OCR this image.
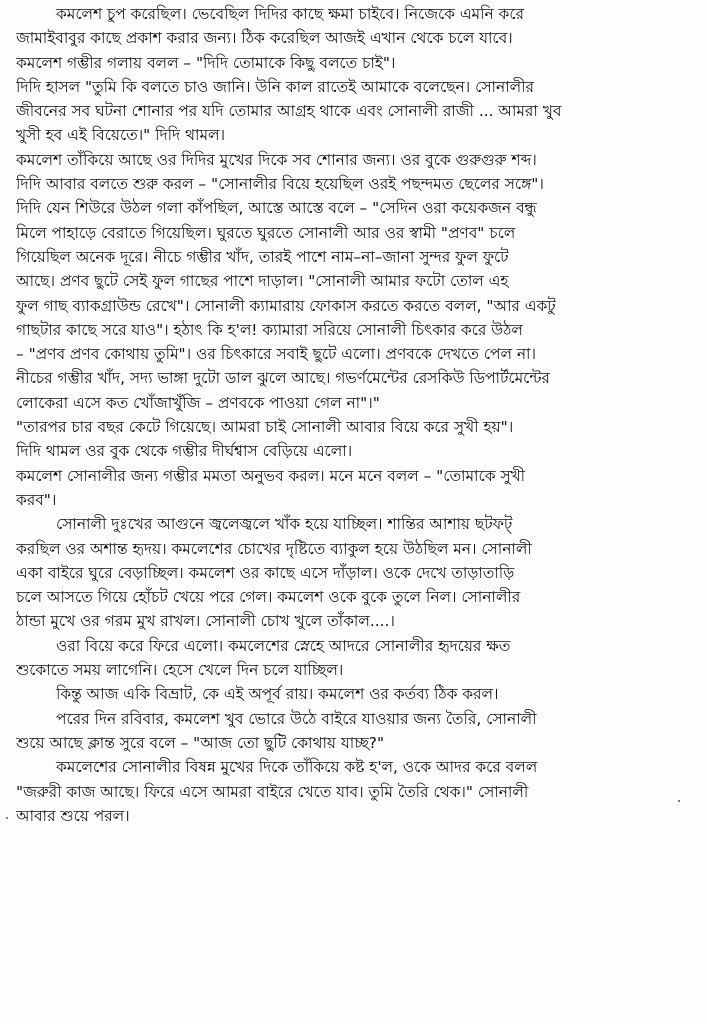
কমলেশ চুপ করেছিল। ভেবেছিল দিদির কাছে ক্ষমা চাইবে। নিজেকে এমনি করে
জামাইবাবুর কাছে প্রকাশ করার জন্য। ঠিক করেছিল আজই এখান থেকে চলে যাবে।
কমলেশ গম্ভীর গলায় বলল – "দিদি তোমাকে কিছু বলতে চাই"।
দিদি হাসল "তুমি কি বলতে চাও জানি। উনি কাল রাতেই আমাকে বলেছেন। সোনালীর
জীবনের সব ঘটনা শোনার পর যদি তোমার আগ্রহ থাকে এবং সোনালী রাজী ... আমরা খুব
খুসী হব এই বিয়েতে।" দিদি থামল।
কমলেশ তাঁকিয়ে আছে ওর দিদির মুখের দিকে সব শোনার জন্য। ওর বুকে গুরুগুরু শব্দ।
দিদি আবার বলতে শুরু করল – "সোনালীর বিয়ে হয়েছিল ওরই পছন্দমত ছেলের সঙ্গে"।
দিদি যেন শিউরে উঠল গলা কাঁপছিল, আস্তে আস্তে বলে – "সেদিন ওরা কয়েকজন বন্ধু
মিলে পাহাড়ে বেরাতে গিয়েছিল। ঘুরতে ঘুরতে সোনালী আর ওর স্বামী "প্রণব" চলে
গিয়েছিল অনেক দূরে। নীচে গম্ভীর খাঁদ, তারই পাশে নাম–না–জানা সুন্দর ফুল ফুটে
আছে। প্রণব ছুটে সেই ফুল গাছের পাশে দাড়াল। "সোনালী আমার ফটো তোল এহ
ফুল গাছ ব্যাকগ্রাউন্ড রেখে"। সোনালী ক্যামারায় ফোকাস করতে করতে বলল, "আর একটু
গাছটার কাছে সরে যাও"। হঠাৎ কি হ'ল! ক্যামারা সরিয়ে সোনালী চিৎকার করে উঠল
– "প্রণব প্রণব কোথায় তুমি"। ওর চিৎকারে সবাই ছুটে এলো। প্রণবকে দেখতে পেল না।
নীচের গম্ভীর খাঁদ, সদ্য ভাঙ্গা দুটো ডাল ঝুলে আছে। গভর্ণমেন্টের রেসকিউ ডিপার্টমেন্টের
লোকেরা এসে কত খোঁজাখুঁজি – প্রণবকে পাওয়া গেল না"।"
"তারপর চার বছর কেটে গিয়েছে। আমরা চাই সোনালী আবার বিয়ে করে সুখী হয়"।
দিদি থামল ওর বুক থেকে গম্ভীর দীর্ঘশ্বাস বেড়িয়ে এলো।
কমলেশ সোনালীর জন্য গম্ভীর মমতা অনুভব করল। মনে মনে বলল – "তোমাকে সুখী
করব"।
সোনালী দুঃখের আগুনে জ্বলেজ্বলে খাঁক হয়ে যাচ্ছিল। শান্তির আশায় ছটফট্
করছিল ওর অশান্ত হৃদয়। কমলেশের চোখের দৃষ্টিতে ব্যাকুল হয়ে উঠছিল মন। সোনালী
একা বাইরে ঘুরে বেড়াচ্ছিল। কমলেশ ওর কাছে এসে দাঁড়াল। ওকে দেখে তাড়াতাড়ি
চলে আসতে গিয়ে হোঁচট খেয়ে পরে গেল। কমলেশ ওকে বুকে তুলে নিল। সোনালীর
ঠান্ডা মুখে ওর গরম মুখ রাখল। সোনালী চোখ খুলে তাঁকাল....।
ওরা বিয়ে করে ফিরে এলো। কমলেশের স্নেহে আদরে সোনালীর হৃদয়ের ক্ষত
শুকোতে সময় লাগেনি। হেসে খেলে দিন চলে যাচ্ছিল।
কিন্তু আজ একি বিভ্রাট, কে এই অপূর্ব রায়। কমলেশ ওর কর্তব্য ঠিক করল।
পরের দিন রবিবার, কমলেশ খুব ভোরে উঠে বাইরে যাওয়ার জন্য তৈরি, সোনালী
শুয়ে আছে ক্লান্ত সুরে বলে – "আজ তো ছুটি কোথায় যাচ্ছ?"
কমলেশের সোনালীর বিষন্ন মুখের দিকে তাঁকিয়ে কষ্ট হ'ল, ওকে আদর করে বলল
"জরুরী কাজ আছে। ফিরে এসে আমরা বাইরে খেতে যাব। তুমি তৈরি থেক।" সোনালী
আবার শুয়ে পরল।
